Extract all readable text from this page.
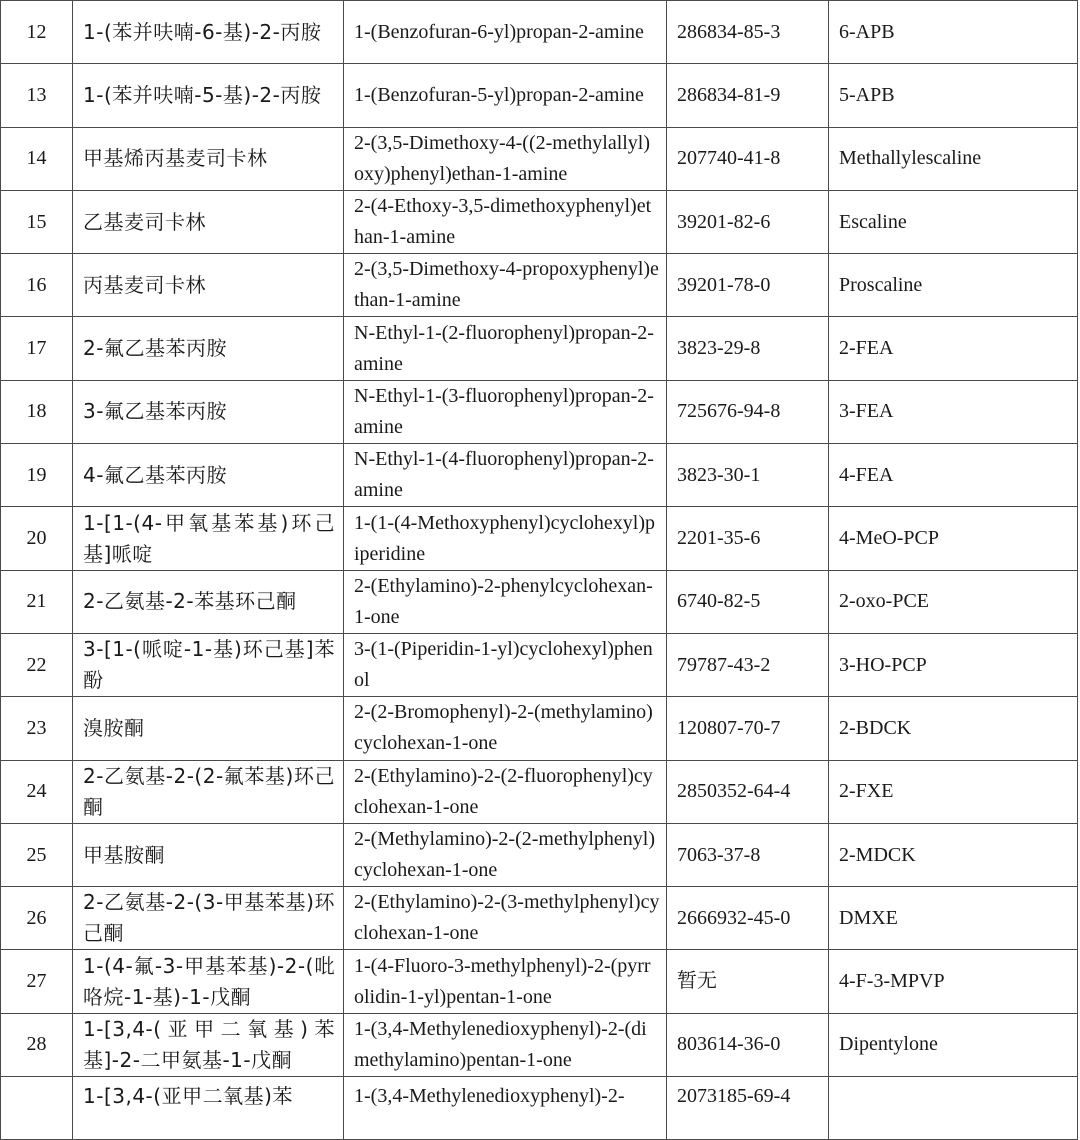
12	1-(苯并呋喃-6-基)-2-丙胺	1-(Benzofuran-6-yl)propan-2-amine	286834-85-3	6-APB
13	1-(苯并呋喃-5-基)-2-丙胺	1-(Benzofuran-5-yl)propan-2-amine	286834-81-9	5-APB
14	甲基烯丙基麦司卡林	2-(3,5-Dimethoxy-4-((2-methylallyl)oxy)phenyl)ethan-1-amine	207740-41-8	Methallylescaline
15	乙基麦司卡林	2-(4-Ethoxy-3,5-dimethoxyphenyl)ethan-1-amine	39201-82-6	Escaline
16	丙基麦司卡林	2-(3,5-Dimethoxy-4-propoxyphenyl)ethan-1-amine	39201-78-0	Proscaline
17	2-氟乙基苯丙胺	N-Ethyl-1-(2-fluorophenyl)propan-2-amine	3823-29-8	2-FEA
18	3-氟乙基苯丙胺	N-Ethyl-1-(3-fluorophenyl)propan-2-amine	725676-94-8	3-FEA
19	4-氟乙基苯丙胺	N-Ethyl-1-(4-fluorophenyl)propan-2-amine	3823-30-1	4-FEA
20	1-[1-(4-甲氧基苯基)环己基]哌啶	1-(1-(4-Methoxyphenyl)cyclohexyl)piperidine	2201-35-6	4-MeO-PCP
21	2-乙氨基-2-苯基环己酮	2-(Ethylamino)-2-phenylcyclohexan-1-one	6740-82-5	2-oxo-PCE
22	3-[1-(哌啶-1-基)环己基]苯酚	3-(1-(Piperidin-1-yl)cyclohexyl)phenol	79787-43-2	3-HO-PCP
23	溴胺酮	2-(2-Bromophenyl)-2-(methylamino)cyclohexan-1-one	120807-70-7	2-BDCK
24	2-乙氨基-2-(2-氟苯基)环己酮	2-(Ethylamino)-2-(2-fluorophenyl)cyclohexan-1-one	2850352-64-4	2-FXE
25	甲基胺酮	2-(Methylamino)-2-(2-methylphenyl)cyclohexan-1-one	7063-37-8	2-MDCK
26	2-乙氨基-2-(3-甲基苯基)环己酮	2-(Ethylamino)-2-(3-methylphenyl)cyclohexan-1-one	2666932-45-0	DMXE
27	1-(4-氟-3-甲基苯基)-2-(吡咯烷-1-基)-1-戊酮	1-(4-Fluoro-3-methylphenyl)-2-(pyrrolidin-1-yl)pentan-1-one	暂无	4-F-3-MPVP
28	1-[3,4-(亚甲二氧基)苯基]-2-二甲氨基-1-戊酮	1-(3,4-Methylenedioxyphenyl)-2-(dimethylamino)pentan-1-one	803614-36-0	Dipentylone
	1-[3,4-(亚甲二氧基)苯	1-(3,4-Methylenedioxyphenyl)-2-	2073185-69-4	
